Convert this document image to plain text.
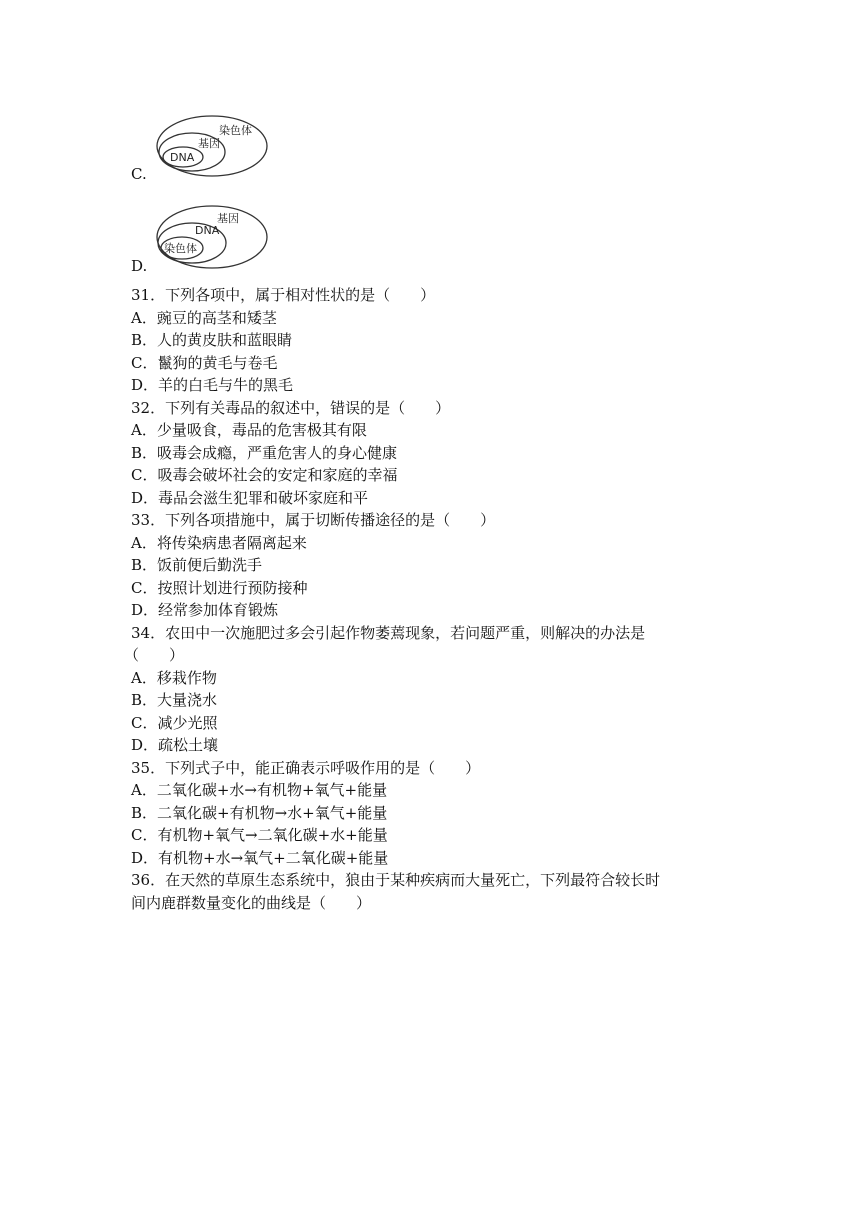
染色体
基因
DNA
C.
基因
DNA
染色体
D.
31．下列各项中，属于相对性状的是（　　）
A．豌豆的高茎和矮茎
B．人的黄皮肤和蓝眼睛
C．鬣狗的黄毛与卷毛
D．羊的白毛与牛的黑毛
32．下列有关毒品的叙述中，错误的是（　　）
A．少量吸食，毒品的危害极其有限
B．吸毒会成瘾，严重危害人的身心健康
C．吸毒会破坏社会的安定和家庭的幸福
D．毒品会滋生犯罪和破坏家庭和平
33．下列各项措施中，属于切断传播途径的是（　　）
A．将传染病患者隔离起来
B．饭前便后勤洗手
C．按照计划进行预防接种
D．经常参加体育锻炼
34．农田中一次施肥过多会引起作物萎蔫现象，若问题严重，则解决的办法是
（　　）
A．移栽作物
B．大量浇水
C．减少光照
D．疏松土壤
35．下列式子中，能正确表示呼吸作用的是（　　）
A．二氧化碳+水→有机物+氧气+能量
B．二氧化碳+有机物→水+氧气+能量
C．有机物+氧气→二氧化碳+水+能量
D．有机物+水→氧气+二氧化碳+能量
36．在天然的草原生态系统中，狼由于某种疾病而大量死亡，下列最符合较长时
间内鹿群数量变化的曲线是（　　）
